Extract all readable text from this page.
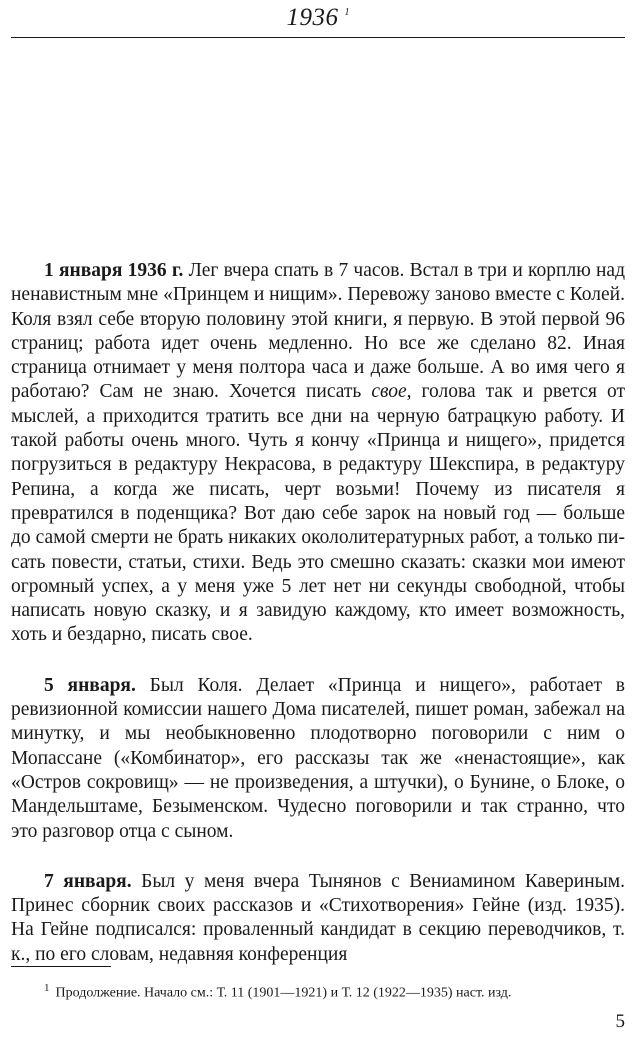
1936 $^1$

1 января 1936 г. Лег вчера спать в 7 часов. Встал в три и корплю над ненавистным мне «Принцем и нищим». Перевожу заново вместе с Колей. Коля взял себе вторую половину этой книги, я первую. В этой первой 96 страниц; работа идет очень медленно. Но все же сделано 82. Иная страница отнимает у меня полтора часа и даже больше. А во имя чего я работаю? Сам не знаю. Хочется писать свое, голова так и рвется от мыслей, а приходится тратить все дни на черную батрацкую работу. И такой работы очень много. Чуть я кончу «Принца и нищего», придется погрузиться в редактуру Некрасова, в редактуру Шекспира, в редактуру Репина, а когда же писать, черт возьми! Почему из писателя я превратился в поденщика? Вот даю себе зарок на новый год — больше до самой смерти не брать никаких окололитературных работ, а только писать повести, статьи, стихи. Ведь это смешно сказать: сказки мои имеют огромный успех, а у меня уже 5 лет нет ни секунды свободной, чтобы написать новую сказку, и я завидую каждому, кто имеет возможность, хоть и бездарно, писать свое.

5 января. Был Коля. Делает «Принца и нищего», работает в ревизионной комиссии нашего Дома писателей, пишет роман, забежал на минутку, и мы необыкновенно плодотворно поговорили с ним о Мопассане («Комбинатор», его рассказы так же «ненастоящие», как «Остров сокровищ» — не произведения, а штучки), о Бунине, о Блоке, о Мандельштаме, Безыменском. Чудесно поговорили и так странно, что это разговор отца с сыном.

7 января. Был у меня вчера Тынянов с Вениамином Кавериным. Принес сборник своих рассказов и «Стихотворения» Гейне (изд. 1935). На Гейне подписался: проваленный кандидат в секцию переводчиков, т. к., по его словам, недавняя конференция

$^1$ Продолжение. Начало см.: Т. 11 (1901—1921) и Т. 12 (1922—1935) наст. изд.
5
